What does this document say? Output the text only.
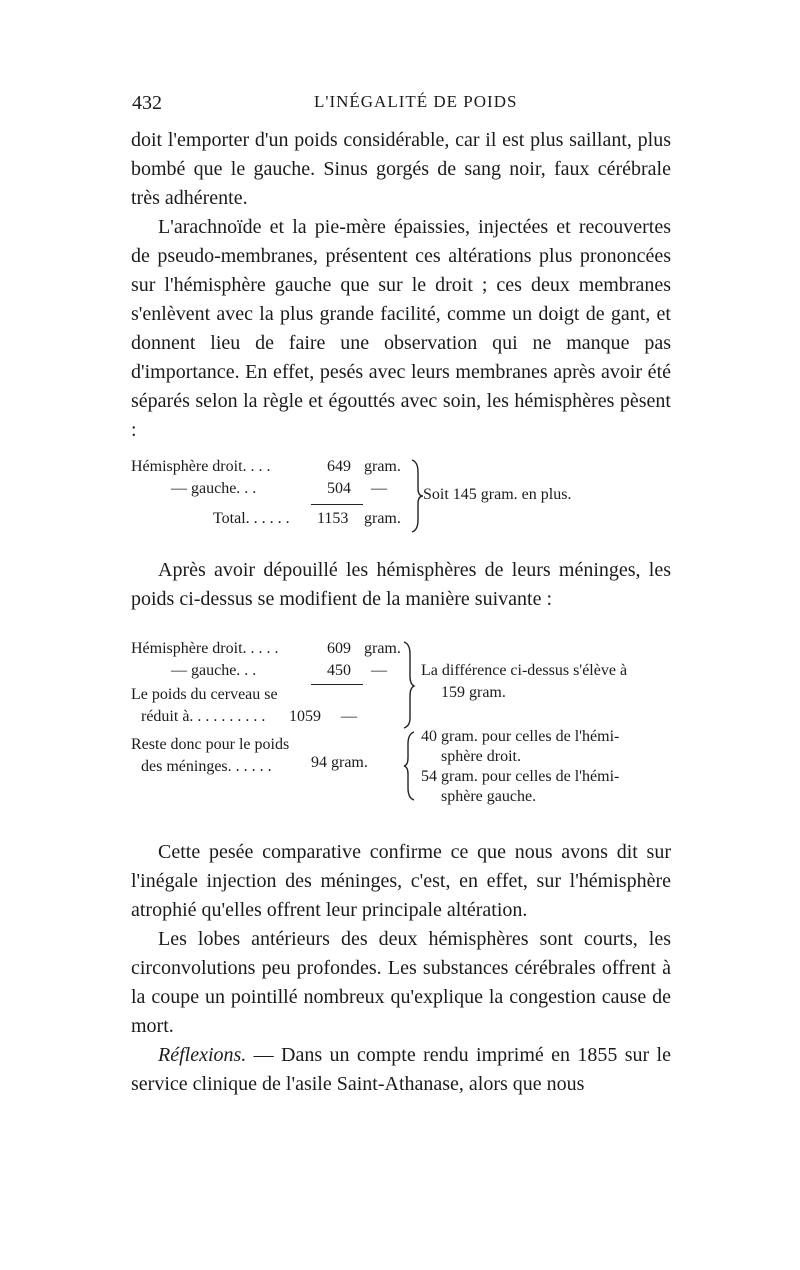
432	L'INÉGALITÉ DE POIDS

doit l'emporter d'un poids considérable, car il est plus saillant, plus bombé que le gauche. Sinus gorgés de sang noir, faux cérébrale très adhérente.

L'arachnoïde et la pie-mère épaissies, injectées et recouvertes de pseudo-membranes, présentent ces altérations plus prononcées sur l'hémisphère gauche que sur le droit ; ces deux membranes s'enlèvent avec la plus grande facilité, comme un doigt de gant, et donnent lieu de faire une observation qui ne manque pas d'importance. En effet, pesés avec leurs membranes après avoir été séparés selon la règle et égouttés avec soin, les hémisphères pèsent :

Hémisphère droit. . . .	649 gram.
— gauche. . .	504 —
Total. . . . . . 1153 gram.
Soit 145 gram. en plus.

Après avoir dépouillé les hémisphères de leurs méninges, les poids ci-dessus se modifient de la manière suivante :

Hémisphère droit. . . . .	609 gram.
— gauche. . .	450 —
Le poids du cerveau se
réduit à. . . . . . . . . . 1059 —
Reste donc pour le poids
des méninges. . . . . . 94 gram.
La différence ci-dessus s'élève à
159 gram.
40 gram. pour celles de l'hémi-
sphère droit.
54 gram. pour celles de l'hémi-
sphère gauche.

Cette pesée comparative confirme ce que nous avons dit sur l'inégale injection des méninges, c'est, en effet, sur l'hémisphère atrophié qu'elles offrent leur principale altération.

Les lobes antérieurs des deux hémisphères sont courts, les circonvolutions peu profondes. Les substances cérébrales offrent à la coupe un pointillé nombreux qu'explique la congestion cause de mort.

Réflexions. — Dans un compte rendu imprimé en 1855 sur le service clinique de l'asile Saint-Athanase, alors que nous
